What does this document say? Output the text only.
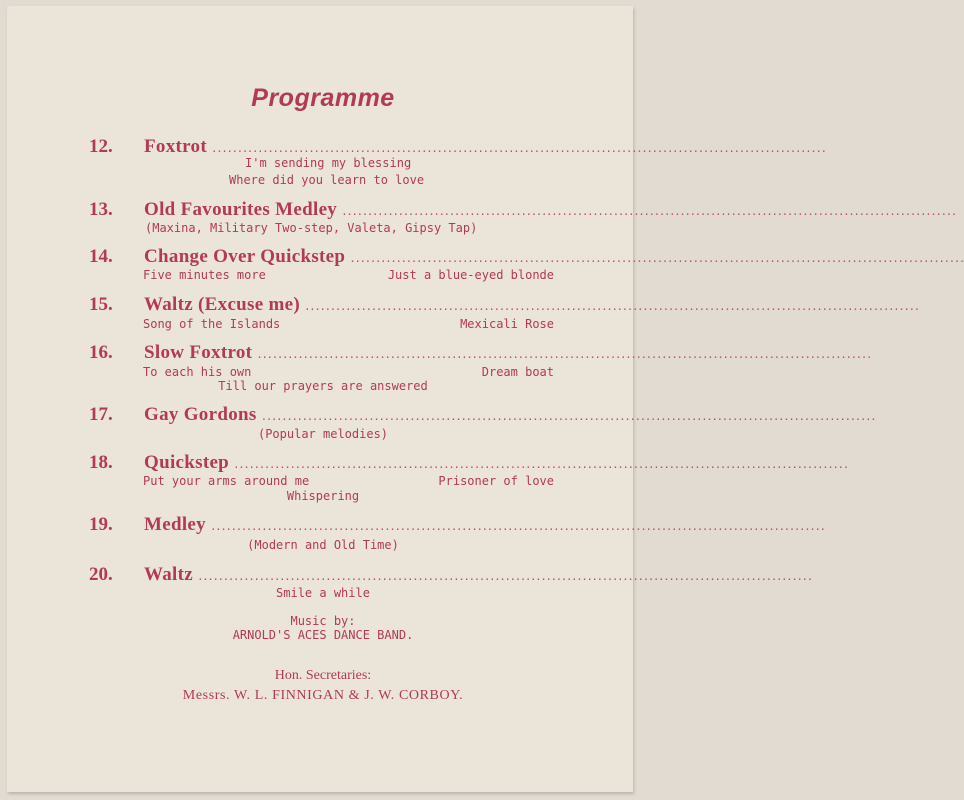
Programme
12.	Foxtrot ........................................................................................................................
I'm sending my blessing
Where did you learn to love
13.	Old Favourites Medley ........................................................................................................................
(Maxina, Military Two-step, Valeta, Gipsy Tap)
14.	Change Over Quickstep ........................................................................................................................
Five minutes more	Just a blue-eyed blonde
15.	Waltz (Excuse me) ........................................................................................................................
Song of the Islands	Mexicali Rose
16.	Slow Foxtrot ........................................................................................................................
To each his own	Dream boat
Till our prayers are answered
17.	Gay Gordons ........................................................................................................................
(Popular melodies)
18.	Quickstep ........................................................................................................................
Put your arms around me	Prisoner of love
Whispering
19.	Medley ........................................................................................................................
(Modern and Old Time)
20.	Waltz ........................................................................................................................
Smile a while
Music by:
ARNOLD'S ACES DANCE BAND.
Hon. Secretaries:
Messrs. W. L. FINNIGAN & J. W. CORBOY.
